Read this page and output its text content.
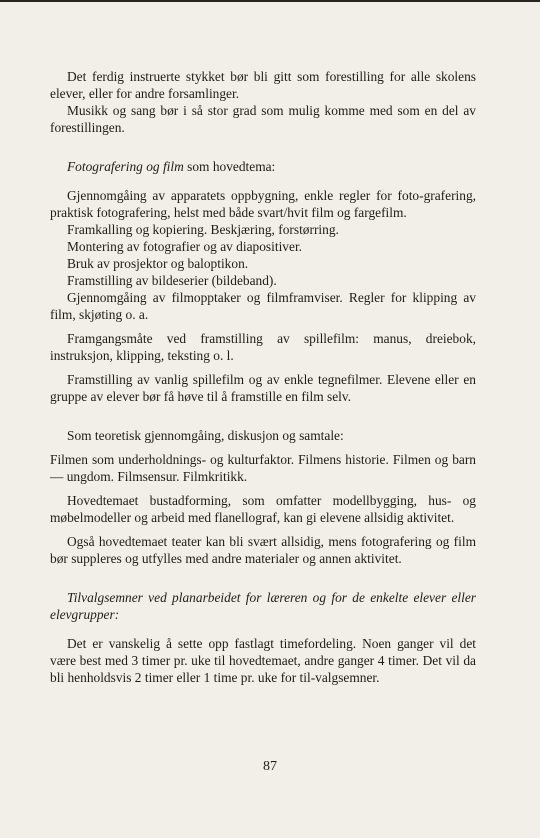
Det ferdig instruerte stykket bør bli gitt som forestilling for alle skolens elever, eller for andre forsamlinger.

Musikk og sang bør i så stor grad som mulig komme med som en del av forestillingen.

Fotografering og film som hovedtema:

Gjennomgåing av apparatets oppbygning, enkle regler for foto-grafering, praktisk fotografering, helst med både svart/hvit film og fargefilm.

Framkalling og kopiering. Beskjæring, forstørring.

Montering av fotografier og av diapositiver.

Bruk av prosjektor og baloptikon.

Framstilling av bildeserier (bildeband).

Gjennomgåing av filmopptaker og filmframviser. Regler for klipping av film, skjøting o. a.

Framgangsmåte ved framstilling av spillefilm: manus, dreiebok, instruksjon, klipping, teksting o. l.

Framstilling av vanlig spillefilm og av enkle tegnefilmer. Elevene eller en gruppe av elever bør få høve til å framstille en film selv.

Som teoretisk gjennomgåing, diskusjon og samtale:

Filmen som underholdnings- og kulturfaktor. Filmens historie. Filmen og barn — ungdom. Filmsensur. Filmkritikk.

Hovedtemaet bustadforming, som omfatter modellbygging, hus- og møbelmodeller og arbeid med flanellograf, kan gi elevene allsidig aktivitet.

Også hovedtemaet teater kan bli svært allsidig, mens fotografering og film bør suppleres og utfylles med andre materialer og annen aktivitet.

Tilvalgsemner ved planarbeidet for læreren og for de enkelte elever eller elevgrupper:

Det er vanskelig å sette opp fastlagt timefordeling. Noen ganger vil det være best med 3 timer pr. uke til hovedtemaet, andre ganger 4 timer. Det vil da bli henholdsvis 2 timer eller 1 time pr. uke for til-valgsemner.

87
